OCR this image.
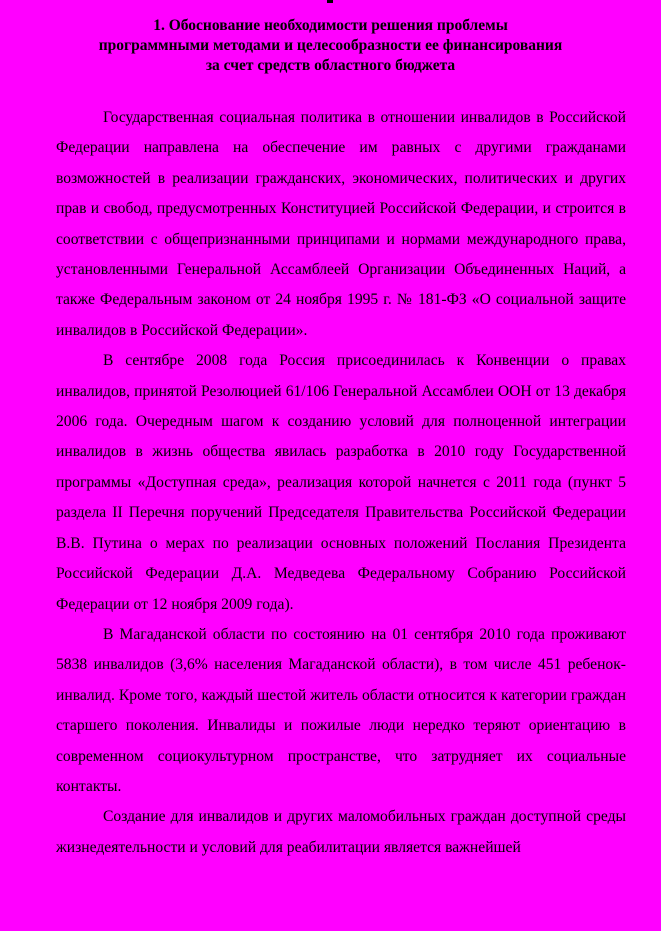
1. Обоснование необходимости решения проблемы
программными методами и целесообразности ее финансирования
за счет средств областного бюджета

Государственная социальная политика в отношении инвалидов в Российской Федерации направлена на обеспечение им равных с другими гражданами возможностей в реализации гражданских, экономических, политических и других прав и свобод, предусмотренных Конституцией Российской Федерации, и строится в соответствии с общепризнанными принципами и нормами международного права, установленными Генеральной Ассамблеей Организации Объединенных Наций, а также Федеральным законом от 24 ноября 1995 г. № 181-ФЗ «О социальной защите инвалидов в Российской Федерации».

В сентябре 2008 года Россия присоединилась к Конвенции о правах инвалидов, принятой Резолюцией 61/106 Генеральной Ассамблеи ООН от 13 декабря 2006 года. Очередным шагом к созданию условий для полноценной интеграции инвалидов в жизнь общества явилась разработка в 2010 году Государственной программы «Доступная среда», реализация которой начнется с 2011 года (пункт 5 раздела II Перечня поручений Председателя Правительства Российской Федерации В.В. Путина о мерах по реализации основных положений Послания Президента Российской Федерации Д.А. Медведева Федеральному Собранию Российской Федерации от 12 ноября 2009 года).

В Магаданской области по состоянию на 01 сентября 2010 года проживают 5838 инвалидов (3,6% населения Магаданской области), в том числе 451 ребенок-инвалид. Кроме того, каждый шестой житель области относится к категории граждан старшего поколения. Инвалиды и пожилые люди нередко теряют ориентацию в современном социокультурном пространстве, что затрудняет их социальные контакты.

Создание для инвалидов и других маломобильных граждан доступной среды жизнедеятельности и условий для реабилитации является важнейшей
